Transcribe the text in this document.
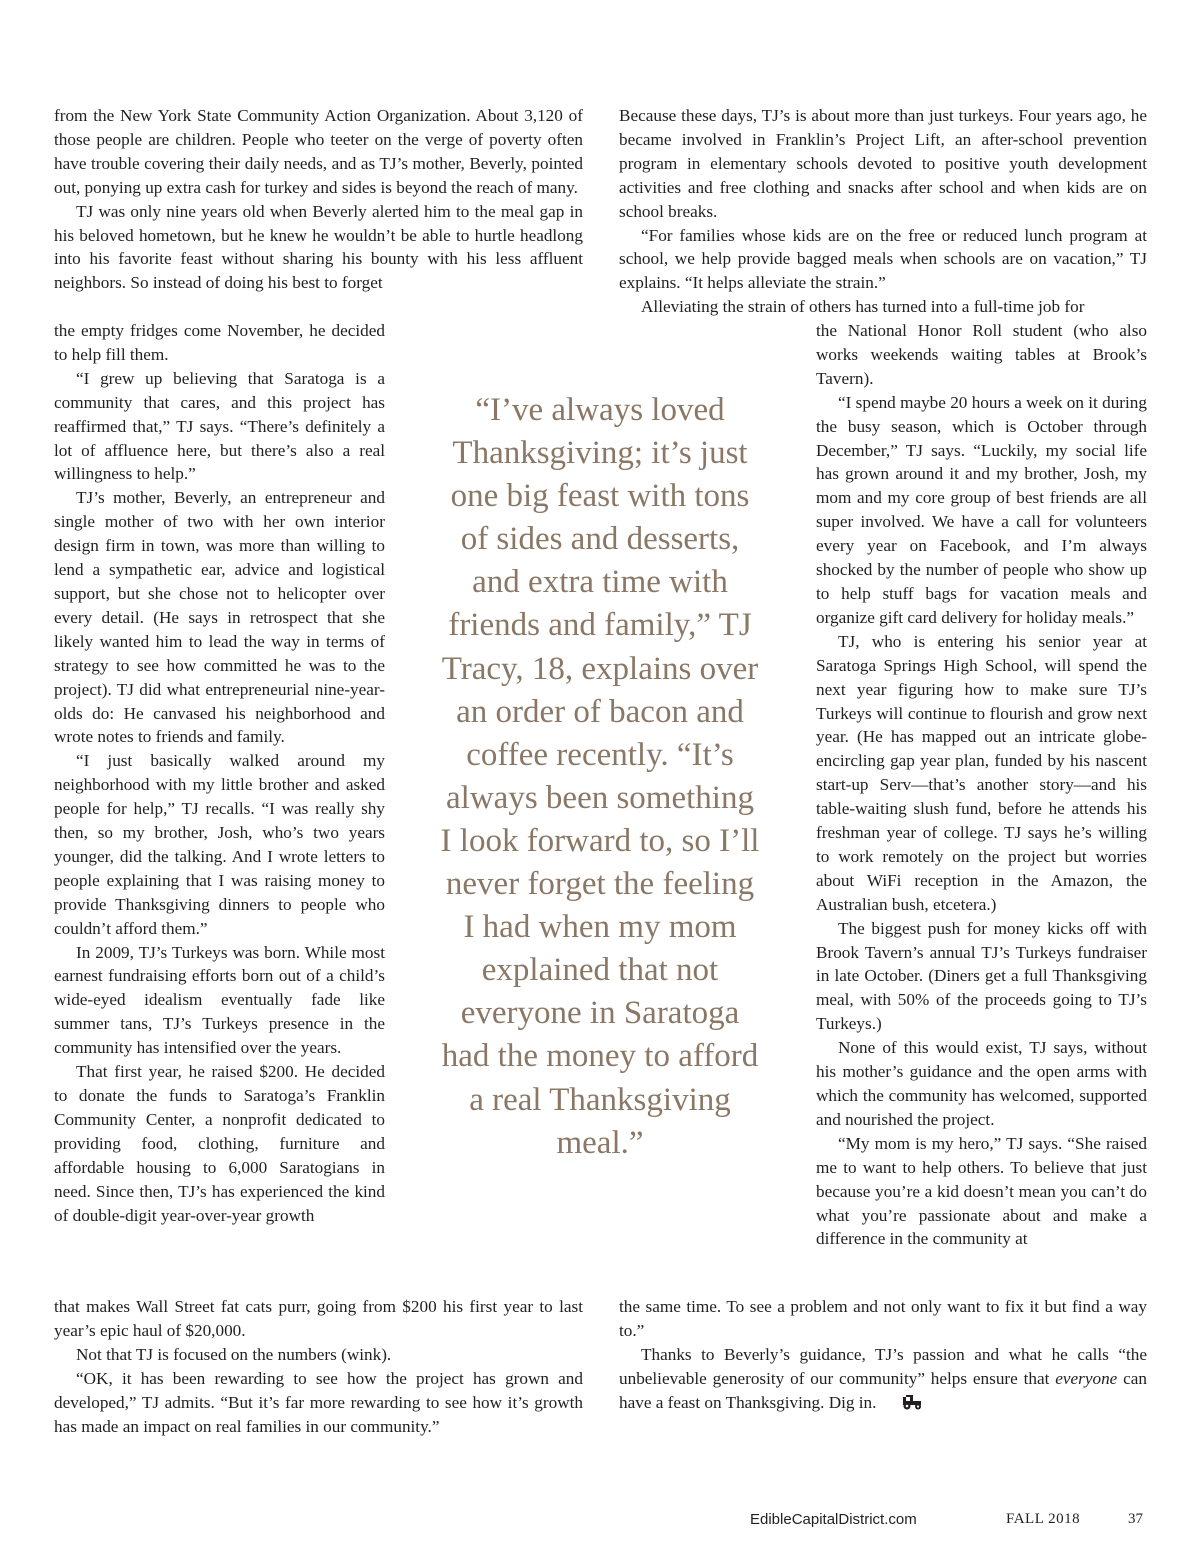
from the New York State Community Action Organization. About 3,120 of those people are children. People who teeter on the verge of poverty often have trouble covering their daily needs, and as TJ’s mother, Beverly, pointed out, ponying up extra cash for turkey and sides is beyond the reach of many.

TJ was only nine years old when Beverly alerted him to the meal gap in his beloved hometown, but he knew he wouldn’t be able to hurtle headlong into his favorite feast without sharing his bounty with his less affluent neighbors. So instead of doing his best to forget

the empty fridges come November, he decided to help fill them.

“I grew up believing that Saratoga is a community that cares, and this project has reaffirmed that,” TJ says. “There’s definitely a lot of affluence here, but there’s also a real willingness to help.”

TJ’s mother, Beverly, an entrepreneur and single mother of two with her own interior design firm in town, was more than willing to lend a sympathetic ear, advice and logistical support, but she chose not to helicopter over every detail. (He says in retrospect that she likely wanted him to lead the way in terms of strategy to see how committed he was to the project). TJ did what entrepreneurial nine-year-olds do: He canvased his neighborhood and wrote notes to friends and family.

“I just basically walked around my neighborhood with my little brother and asked people for help,” TJ recalls. “I was really shy then, so my brother, Josh, who’s two years younger, did the talking. And I wrote letters to people explaining that I was raising money to provide Thanksgiving dinners to people who couldn’t afford them.”

In 2009, TJ’s Turkeys was born. While most earnest fundraising efforts born out of a child’s wide-eyed idealism eventually fade like summer tans, TJ’s Turkeys presence in the community has intensified over the years.

That first year, he raised $200. He decided to donate the funds to Saratoga’s Franklin Community Center, a nonprofit dedicated to providing food, clothing, furniture and affordable housing to 6,000 Saratogians in need. Since then, TJ’s has experienced the kind of double-digit year-over-year growth

that makes Wall Street fat cats purr, going from $200 his first year to last year’s epic haul of $20,000.

Not that TJ is focused on the numbers (wink).

“OK, it has been rewarding to see how the project has grown and developed,” TJ admits. “But it’s far more rewarding to see how it’s growth has made an impact on real families in our community.”

Because these days, TJ’s is about more than just turkeys. Four years ago, he became involved in Franklin’s Project Lift, an after-school prevention program in elementary schools devoted to positive youth development activities and free clothing and snacks after school and when kids are on school breaks.

“For families whose kids are on the free or reduced lunch program at school, we help provide bagged meals when schools are on vacation,” TJ explains. “It helps alleviate the strain.”

Alleviating the strain of others has turned into a full-time job for

the National Honor Roll student (who also works weekends waiting tables at Brook’s Tavern).

“I spend maybe 20 hours a week on it during the busy season, which is October through December,” TJ says. “Luckily, my social life has grown around it and my brother, Josh, my mom and my core group of best friends are all super involved. We have a call for volunteers every year on Facebook, and I’m always shocked by the number of people who show up to help stuff bags for vacation meals and organize gift card delivery for holiday meals.”

TJ, who is entering his senior year at Saratoga Springs High School, will spend the next year figuring how to make sure TJ’s Turkeys will continue to flourish and grow next year. (He has mapped out an intricate globe-encircling gap year plan, funded by his nascent start-up Serv—that’s another story—and his table-waiting slush fund, before he attends his freshman year of college. TJ says he’s willing to work remotely on the project but worries about WiFi reception in the Amazon, the Australian bush, etcetera.)

The biggest push for money kicks off with Brook Tavern’s annual TJ’s Turkeys fundraiser in late October. (Diners get a full Thanksgiving meal, with 50% of the proceeds going to TJ’s Turkeys.)

None of this would exist, TJ says, without his mother’s guidance and the open arms with which the community has welcomed, supported and nourished the project.

“My mom is my hero,” TJ says. “She raised me to want to help others. To believe that just because you’re a kid doesn’t mean you can’t do what you’re passionate about and make a difference in the community at

the same time. To see a problem and not only want to fix it but find a way to.”

Thanks to Beverly’s guidance, TJ’s passion and what he calls “the unbelievable generosity of our community” helps ensure that everyone can have a feast on Thanksgiving. Dig in.

“I’ve always loved Thanksgiving; it’s just one big feast with tons of sides and desserts, and extra time with friends and family,” TJ Tracy, 18, explains over an order of bacon and coffee recently. “It’s always been something I look forward to, so I’ll never forget the feeling I had when my mom explained that not everyone in Saratoga had the money to afford a real Thanksgiving meal.”
EdibleCapitalDistrict.com	FALL 2018	37
